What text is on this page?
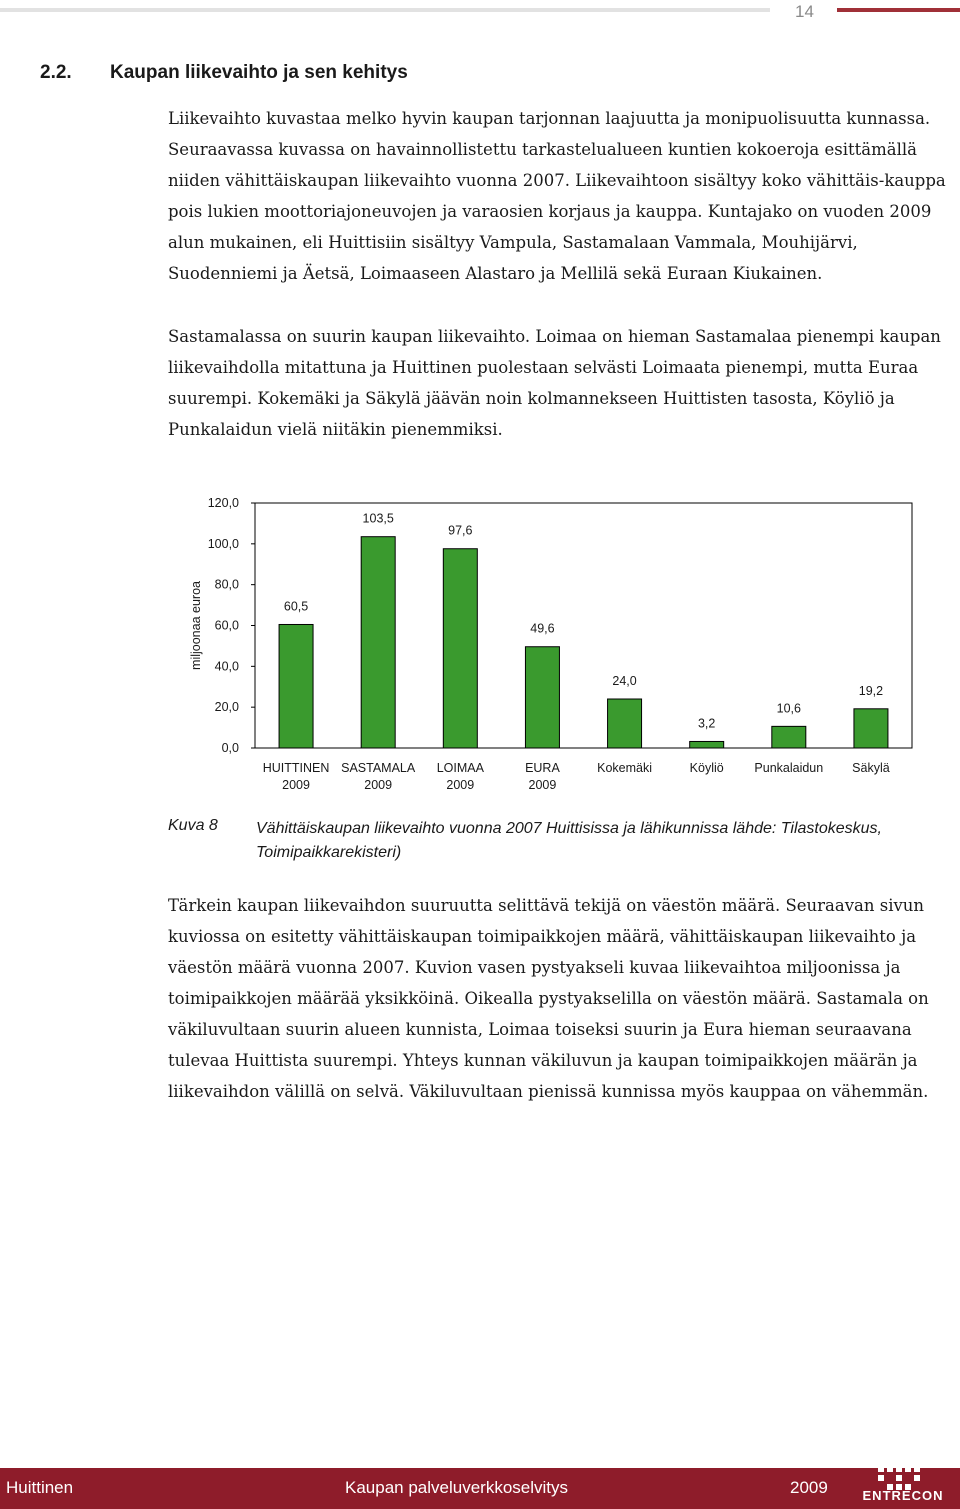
14
2.2. Kaupan liikevaihto ja sen kehitys

Liikevaihto kuvastaa melko hyvin kaupan tarjonnan laajuutta ja monipuolisuutta kunnassa. Seuraavassa kuvassa on havainnollistettu tarkastelualueen kuntien kokoeroja esittämällä niiden vähittäiskaupan liikevaihto vuonna 2007. Liikevaihtoon sisältyy koko vähittäis-kauppa pois lukien moottoriajoneuvojen ja varaosien korjaus ja kauppa. Kuntajako on vuoden 2009 alun mukainen, eli Huittisiin sisältyy Vampula, Sastamalaan Vammala, Mouhijärvi, Suodenniemi ja Äetsä, Loimaaseen Alastaro ja Mellilä sekä Euraan Kiukainen.

Sastamalassa on suurin kaupan liikevaihto. Loimaa on hieman Sastamalaa pienempi kaupan liikevaihdolla mitattuna ja Huittinen puolestaan selvästi Loimaata pienempi, mutta Euraa suurempi. Kokemäki ja Säkylä jäävän noin kolmannekseen Huittisten tasosta, Köyliö ja Punkalaidun vielä niitäkin pienemmiksi.

0,0
20,0
40,0
60,0
80,0
100,0
120,0
miljoonaa euroa	60,5
HUITTINEN
2009
103,5
SASTAMALA
2009
97,6
LOIMAA
2009
49,6
EURA
2009
24,0
Kokemäki
3,2
Köyliö
10,6
Punkalaidun
19,2
Säkylä
Kuva 8 Vähittäiskaupan liikevaihto vuonna 2007 Huittisissa ja lähikunnissa lähde: Tilastokeskus, Toimipaikkarekisteri)

Tärkein kaupan liikevaihdon suuruutta selittävä tekijä on väestön määrä. Seuraavan sivun kuviossa on esitetty vähittäiskaupan toimipaikkojen määrä, vähittäiskaupan liikevaihto ja väestön määrä vuonna 2007. Kuvion vasen pystyakseli kuvaa liikevaihtoa miljoonissa ja toimipaikkojen määrää yksikköinä. Oikealla pystyakselilla on väestön määrä. Sastamala on väkiluvultaan suurin alueen kunnista, Loimaa toiseksi suurin ja Eura hieman seuraavana tulevaa Huittista suurempi. Yhteys kunnan väkiluvun ja kaupan toimipaikkojen määrän ja liikevaihdon välillä on selvä. Väkiluvultaan pienissä kunnissa myös kauppaa on vähemmän.

Huittinen	Kaupan palveluverkkoselvitys	2009	ENTRECON
